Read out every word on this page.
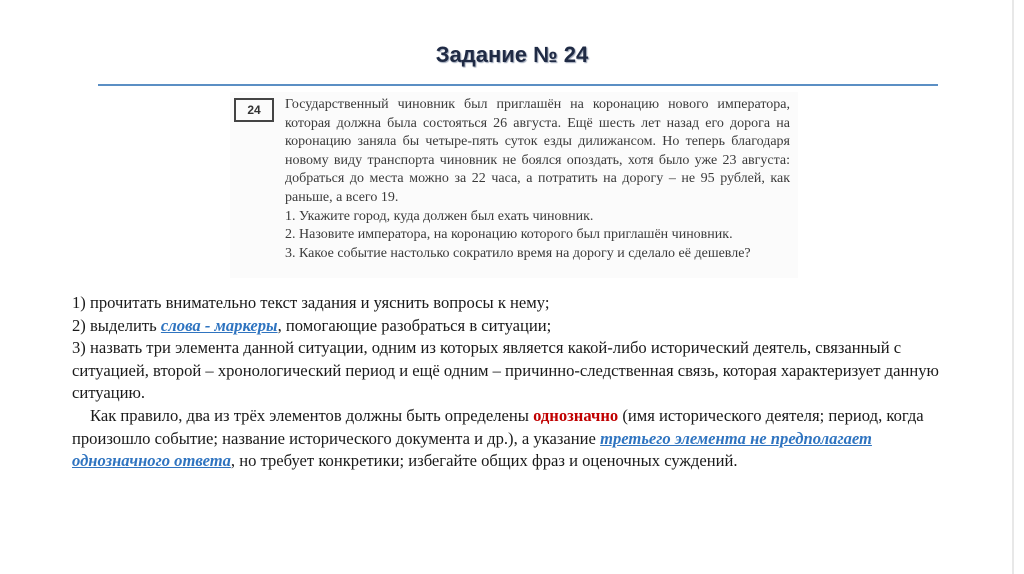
Задание № 24
24	Государственный чиновник был приглашён на коронацию нового императора, которая должна была состояться 26 августа. Ещё шесть лет назад его дорога на коронацию заняла бы четыре-пять суток езды дилижансом. Но теперь благодаря новому виду транспорта чиновник не боялся опоздать, хотя было уже 23 августа: добраться до места можно за 22 часа, а потратить на дорогу – не 95 рублей, как раньше, а всего 19.

1. Укажите город, куда должен был ехать чиновник.

2. Назовите императора, на коронацию которого был приглашён чиновник.

3. Какое событие настолько сократило время на дорогу и сделало её дешевле?

1) прочитать внимательно текст задания и уяснить вопросы к нему;

2) выделить слова - маркеры, помогающие разобраться в ситуации;

3) назвать три элемента данной ситуации, одним из которых является какой-либо исторический деятель, связанный с ситуацией, второй – хронологический период и ещё одним – причинно-следственная связь, которая характеризует данную ситуацию.

Как правило, два из трёх элементов должны быть определены однозначно (имя исторического деятеля; период, когда произошло событие; название исторического документа и др.), а указание третьего элемента не предполагает однозначного ответа, но требует конкретики; избегайте общих фраз и оценочных суждений.
